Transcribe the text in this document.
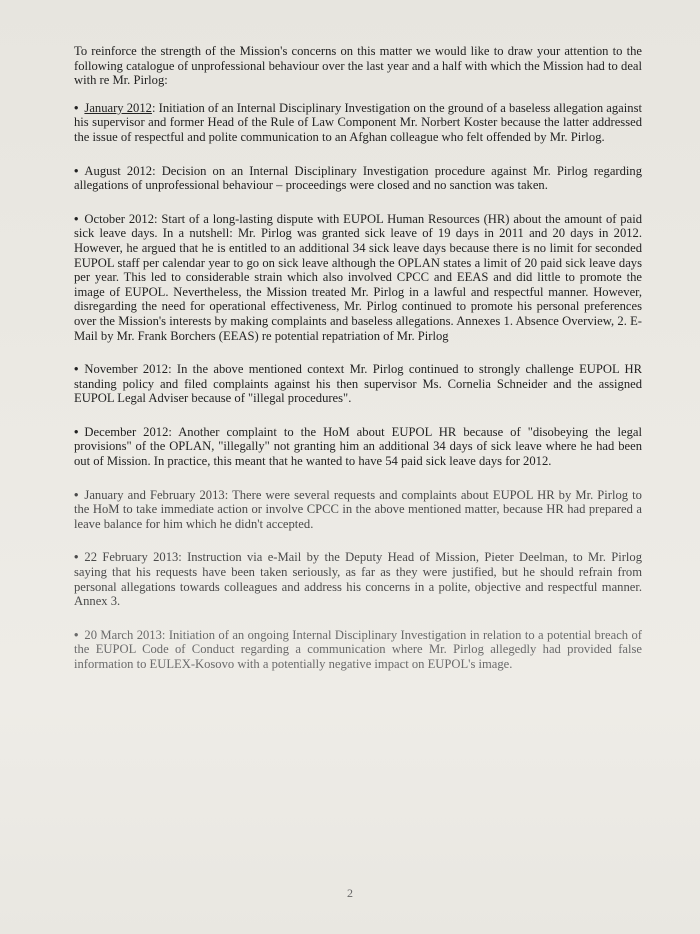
To reinforce the strength of the Mission's concerns on this matter we would like to draw your attention to the following catalogue of unprofessional behaviour over the last year and a half with which the Mission had to deal with re Mr. Pirlog:

• January 2012: Initiation of an Internal Disciplinary Investigation on the ground of a baseless allegation against his supervisor and former Head of the Rule of Law Component Mr. Norbert Koster because the latter addressed the issue of respectful and polite communication to an Afghan colleague who felt offended by Mr. Pirlog.

• August 2012: Decision on an Internal Disciplinary Investigation procedure against Mr. Pirlog regarding allegations of unprofessional behaviour – proceedings were closed and no sanction was taken.

• October 2012: Start of a long-lasting dispute with EUPOL Human Resources (HR) about the amount of paid sick leave days. In a nutshell: Mr. Pirlog was granted sick leave of 19 days in 2011 and 20 days in 2012. However, he argued that he is entitled to an additional 34 sick leave days because there is no limit for seconded EUPOL staff per calendar year to go on sick leave although the OPLAN states a limit of 20 paid sick leave days per year. This led to considerable strain which also involved CPCC and EEAS and did little to promote the image of EUPOL. Nevertheless, the Mission treated Mr. Pirlog in a lawful and respectful manner. However, disregarding the need for operational effectiveness, Mr. Pirlog continued to promote his personal preferences over the Mission's interests by making complaints and baseless allegations. Annexes 1. Absence Overview, 2. E-Mail by Mr. Frank Borchers (EEAS) re potential repatriation of Mr. Pirlog

• November 2012: In the above mentioned context Mr. Pirlog continued to strongly challenge EUPOL HR standing policy and filed complaints against his then supervisor Ms. Cornelia Schneider and the assigned EUPOL Legal Adviser because of "illegal procedures".

• December 2012: Another complaint to the HoM about EUPOL HR because of "disobeying the legal provisions" of the OPLAN, "illegally" not granting him an additional 34 days of sick leave where he had been out of Mission. In practice, this meant that he wanted to have 54 paid sick leave days for 2012.

• January and February 2013: There were several requests and complaints about EUPOL HR by Mr. Pirlog to the HoM to take immediate action or involve CPCC in the above mentioned matter, because HR had prepared a leave balance for him which he didn't accepted.

• 22 February 2013: Instruction via e-Mail by the Deputy Head of Mission, Pieter Deelman, to Mr. Pirlog saying that his requests have been taken seriously, as far as they were justified, but he should refrain from personal allegations towards colleagues and address his concerns in a polite, objective and respectful manner. Annex 3.

• 20 March 2013: Initiation of an ongoing Internal Disciplinary Investigation in relation to a potential breach of the EUPOL Code of Conduct regarding a communication where Mr. Pirlog allegedly had provided false information to EULEX-Kosovo with a potentially negative impact on EUPOL's image.

2
